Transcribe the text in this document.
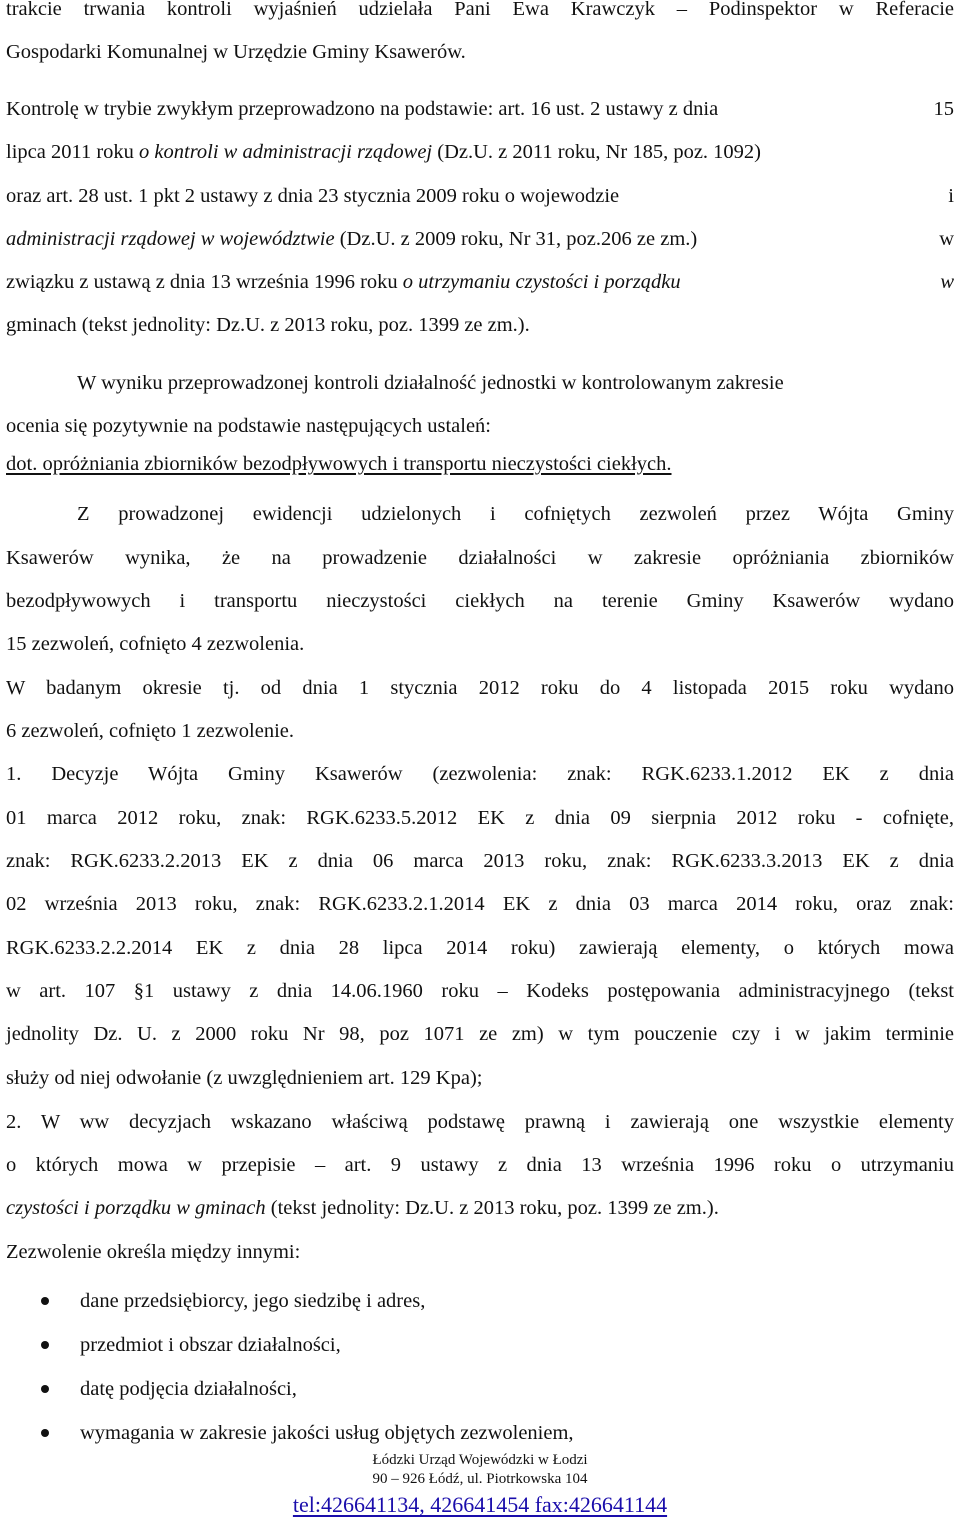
trakcie trwania kontroli wyjaśnień udzielała Pani Ewa Krawczyk – Podinspektor w Referacie
Gospodarki Komunalnej w Urzędzie Gminy Ksawerów.
Kontrolę w trybie zwykłym przeprowadzono na podstawie: art. 16 ust. 2 ustawy z dnia	15
lipca 2011 roku o kontroli w administracji rządowej (Dz.U. z 2011 roku, Nr 185, poz. 1092)
oraz art. 28 ust. 1 pkt 2 ustawy z dnia 23 stycznia 2009 roku o wojewodzie	i
administracji rządowej w województwie (Dz.U. z 2009 roku, Nr 31, poz.206 ze zm.)	w
związku z ustawą z dnia 13 września 1996 roku o utrzymaniu czystości i porządku	w
gminach (tekst jednolity: Dz.U. z 2013 roku, poz. 1399 ze zm.).
W wyniku przeprowadzonej kontroli działalność jednostki w kontrolowanym zakresie
ocenia się pozytywnie na podstawie następujących ustaleń:
dot. opróżniania zbiorników bezodpływowych i transportu nieczystości ciekłych.
Z prowadzonej ewidencji udzielonych i cofniętych zezwoleń przez Wójta Gminy
Ksawerów wynika, że na prowadzenie działalności w zakresie opróżniania zbiorników
bezodpływowych i transportu nieczystości ciekłych na terenie Gminy Ksawerów wydano
15 zezwoleń, cofnięto 4 zezwolenia.
W badanym okresie tj. od dnia 1 stycznia 2012 roku do 4 listopada 2015 roku wydano
6 zezwoleń, cofnięto 1 zezwolenie.
1. Decyzje Wójta Gminy Ksawerów (zezwolenia: znak: RGK.6233.1.2012 EK z dnia
01 marca 2012 roku, znak: RGK.6233.5.2012 EK z dnia 09 sierpnia 2012 roku - cofnięte,
znak: RGK.6233.2.2013 EK z dnia 06 marca 2013 roku, znak: RGK.6233.3.2013 EK z dnia
02 września 2013 roku, znak: RGK.6233.2.1.2014 EK z dnia 03 marca 2014 roku, oraz znak:
RGK.6233.2.2.2014 EK z dnia 28 lipca 2014 roku) zawierają elementy, o których mowa
w art. 107 §1 ustawy z dnia 14.06.1960 roku – Kodeks postępowania administracyjnego (tekst
jednolity Dz. U. z 2000 roku Nr 98, poz 1071 ze zm) w tym pouczenie czy i w jakim terminie
służy od niej odwołanie (z uwzględnieniem art. 129 Kpa);
2. W ww decyzjach wskazano właściwą podstawę prawną i zawierają one wszystkie elementy
o których mowa w przepisie – art. 9 ustawy z dnia 13 września 1996 roku o utrzymaniu
czystości i porządku w gminach (tekst jednolity: Dz.U. z 2013 roku, poz. 1399 ze zm.).
Zezwolenie określa między innymi:
dane przedsiębiorcy, jego siedzibę i adres,
przedmiot i obszar działalności,
datę podjęcia działalności,
wymagania w zakresie jakości usług objętych zezwoleniem,
Łódzki Urząd Wojewódzki w Łodzi
90 – 926 Łódź, ul. Piotrkowska 104
tel:426641134, 426641454 fax:426641144
